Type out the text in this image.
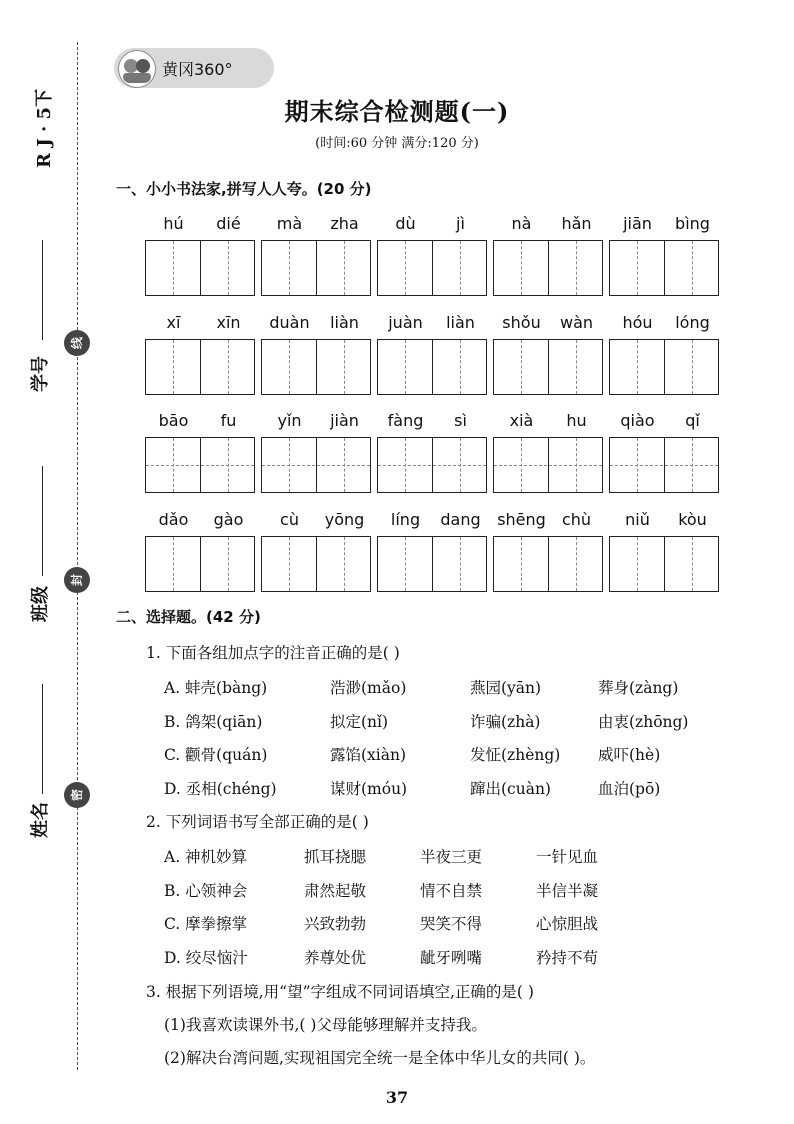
R J · 5下
学号
班级
姓名
线
封
密
黄冈360°
期末综合检测题(一)
(时间:60 分钟 满分:120 分)
一、小小书法家,拼写人人夸。(20 分)
hú	dié	mà	zha	dù	jì	nà	hǎn	jiān	bìng
xī	xīn	duàn	liàn	juàn	liàn	shǒu	wàn	hóu	lóng
bāo	fu	yǐn	jiàn	fàng	sì	xià	hu	qiào	qǐ
dǎo	gào	cù	yōng	líng	dang	shēng	chù	niǔ	kòu
二、选择题。(42 分)
1. 下面各组加点字的注音正确的是( )
A. 蚌壳(bàng)	浩渺(mǎo)	燕园(yān)	葬身(zàng)
B. 鸽架(qiān)	拟定(nǐ)	诈骗(zhà)	由衷(zhōng)
C. 颧骨(quán)	露馅(xiàn)	发怔(zhèng) 威吓(hè)
D. 丞相(chéng)	谋财(móu)	蹿出(cuàn)	血泊(pō)
2. 下列词语书写全部正确的是( )
A. 神机妙算	抓耳挠腮	半夜三更	一针见血
B. 心领神会	肃然起敬	情不自禁	半信半凝
C. 摩拳擦掌	兴致勃勃	哭笑不得	心惊胆战
D. 绞尽恼汁	养尊处优	龇牙咧嘴	矜持不苟
3. 根据下列语境,用“望”字组成不同词语填空,正确的是( )
(1)我喜欢读课外书,( )父母能够理解并支持我。
(2)解决台湾问题,实现祖国完全统一是全体中华儿女的共同( )。
37
